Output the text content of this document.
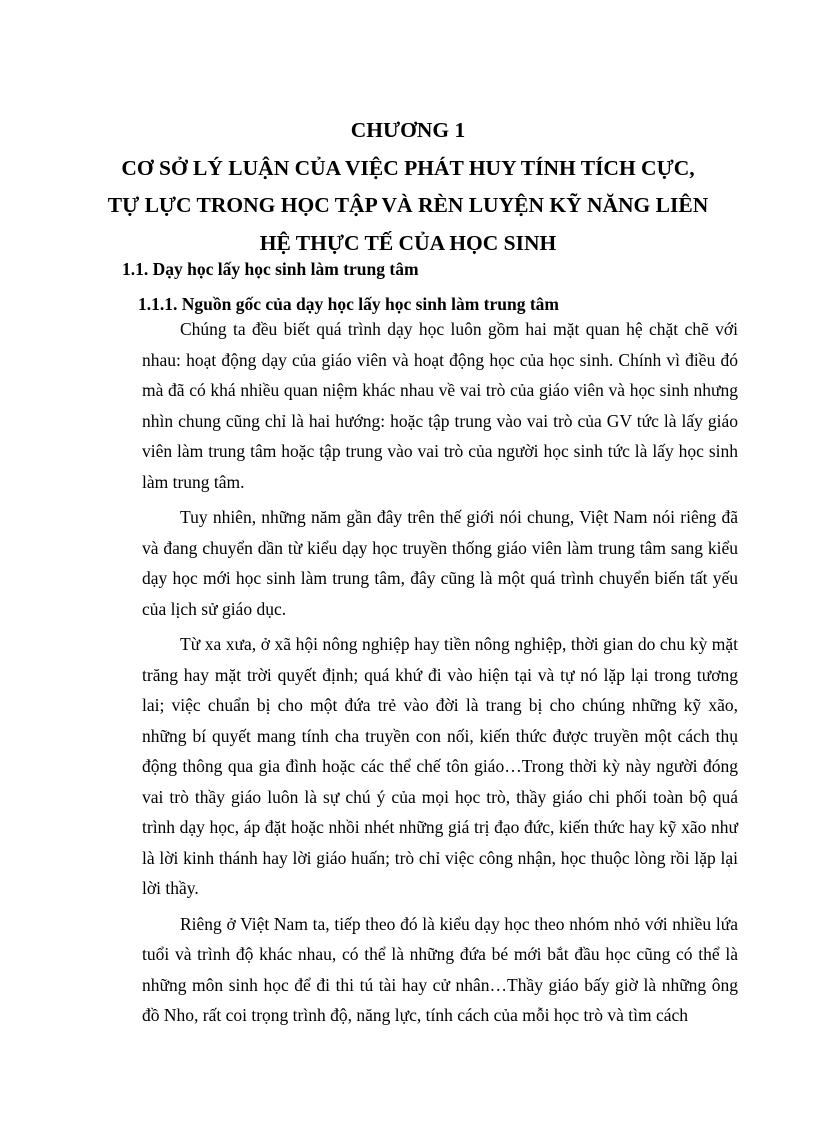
CHƯƠNG 1
CƠ SỞ LÝ LUẬN CỦA VIỆC PHÁT HUY TÍNH TÍCH CỰC,
TỰ LỰC TRONG HỌC TẬP VÀ RÈN LUYỆN KỸ NĂNG LIÊN
HỆ THỰC TẾ CỦA HỌC SINH
1.1. Dạy học lấy học sinh làm trung tâm
1.1.1. Nguồn gốc của dạy học lấy học sinh làm trung tâm

Chúng ta đều biết quá trình dạy học luôn gồm hai mặt quan hệ chặt chẽ với nhau: hoạt động dạy của giáo viên và hoạt động học của học sinh. Chính vì điều đó mà đã có khá nhiều quan niệm khác nhau về vai trò của giáo viên và học sinh nhưng nhìn chung cũng chỉ là hai hướng: hoặc tập trung vào vai trò của GV tức là lấy giáo viên làm trung tâm hoặc tập trung vào vai trò của người học sinh tức là lấy học sinh làm trung tâm.

Tuy nhiên, những năm gần đây trên thế giới nói chung, Việt Nam nói riêng đã và đang chuyển dần từ kiểu dạy học truyền thống giáo viên làm trung tâm sang kiểu dạy học mới học sinh làm trung tâm, đây cũng là một quá trình chuyển biến tất yếu của lịch sử giáo dục.

Từ xa xưa, ở xã hội nông nghiệp hay tiền nông nghiệp, thời gian do chu kỳ mặt trăng hay mặt trời quyết định; quá khứ đi vào hiện tại và tự nó lặp lại trong tương lai; việc chuẩn bị cho một đứa trẻ vào đời là trang bị cho chúng những kỹ xão, những bí quyết mang tính cha truyền con nối, kiến thức được truyền một cách thụ động thông qua gia đình hoặc các thể chế tôn giáo…Trong thời kỳ này người đóng vai trò thầy giáo luôn là sự chú ý của mọi học trò, thầy giáo chi phối toàn bộ quá trình dạy học, áp đặt hoặc nhồi nhét những giá trị đạo đức, kiến thức hay kỹ xão như là lời kinh thánh hay lời giáo huấn; trò chỉ việc công nhận, học thuộc lòng rồi lặp lại lời thầy.

Riêng ở Việt Nam ta, tiếp theo đó là kiểu dạy học theo nhóm nhỏ với nhiều lứa tuổi và trình độ khác nhau, có thể là những đứa bé mới bắt đầu học cũng có thể là những môn sinh học để đi thi tú tài hay cử nhân…Thầy giáo bấy giờ là những ông đồ Nho, rất coi trọng trình độ, năng lực, tính cách của mỗi học trò và tìm cách
